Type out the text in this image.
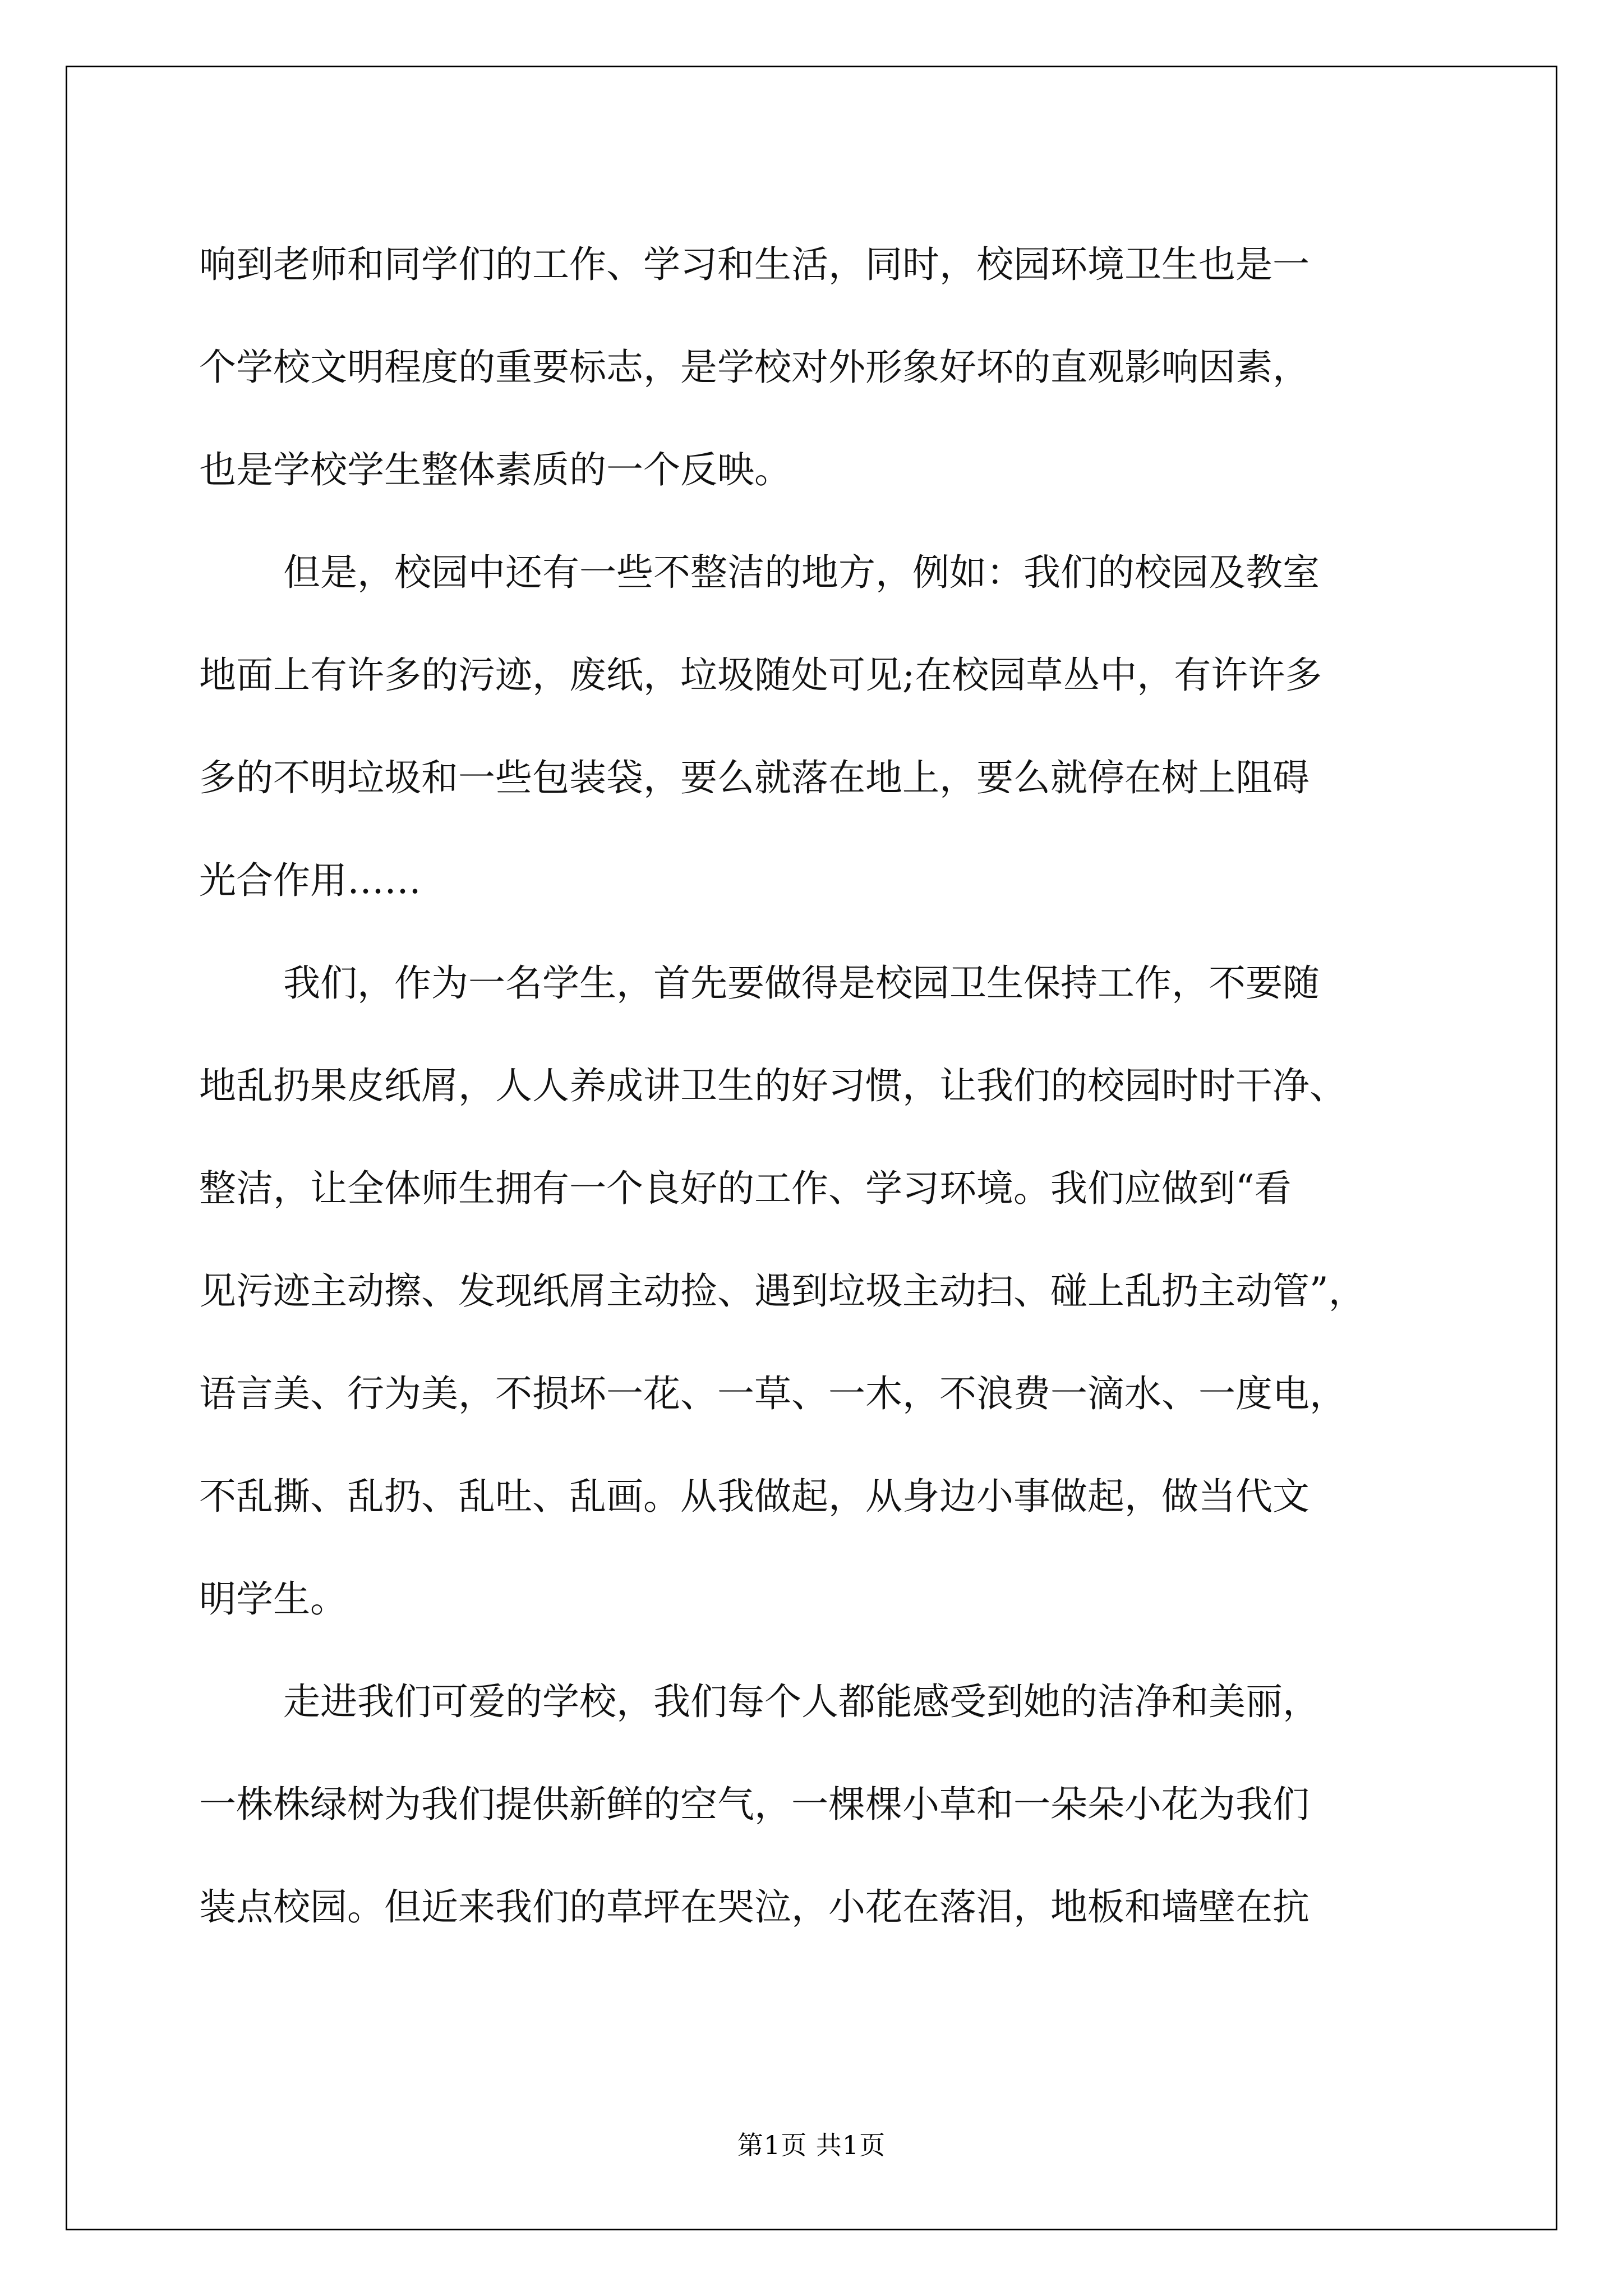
响到老师和同学们的工作、学习和生活，同时，校园环境卫生也是一
个学校文明程度的重要标志，是学校对外形象好坏的直观影响因素，
也是学校学生整体素质的一个反映。
但是，校园中还有一些不整洁的地方，例如：我们的校园及教室
地面上有许多的污迹，废纸，垃圾随处可见;在校园草丛中，有许许多
多的不明垃圾和一些包装袋，要么就落在地上，要么就停在树上阻碍
光合作用……
我们，作为一名学生，首先要做得是校园卫生保持工作，不要随
地乱扔果皮纸屑，人人养成讲卫生的好习惯，让我们的校园时时干净、
整洁，让全体师生拥有一个良好的工作、学习环境。我们应做到“看
见污迹主动擦、发现纸屑主动捡、遇到垃圾主动扫、碰上乱扔主动管”，
语言美、行为美，不损坏一花、一草、一木，不浪费一滴水、一度电，
不乱撕、乱扔、乱吐、乱画。从我做起，从身边小事做起，做当代文
明学生。
走进我们可爱的学校，我们每个人都能感受到她的洁净和美丽，
一株株绿树为我们提供新鲜的空气，一棵棵小草和一朵朵小花为我们
装点校园。但近来我们的草坪在哭泣，小花在落泪，地板和墙壁在抗
第1页 共1页
